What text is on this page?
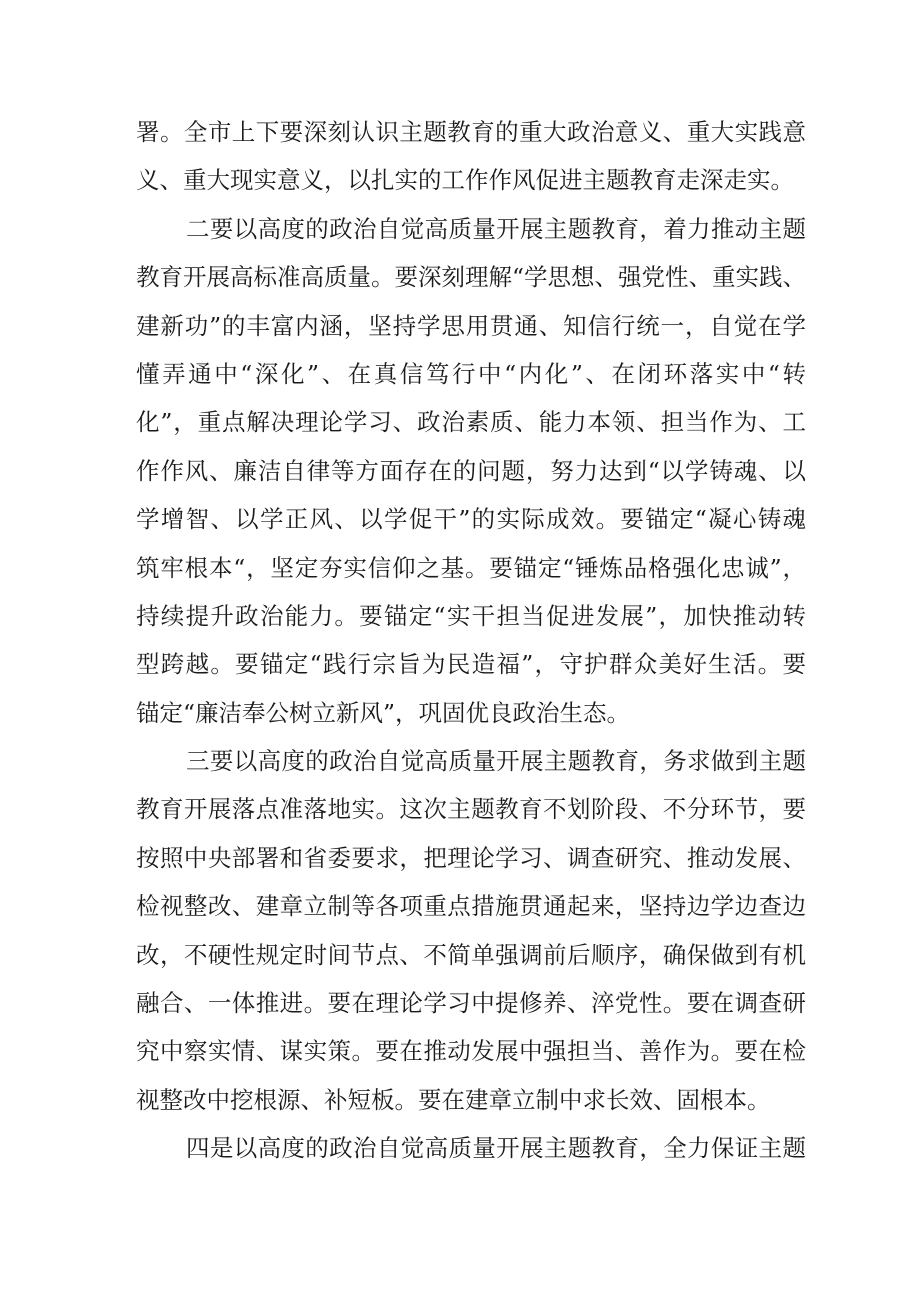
署。全市上下要深刻认识主题教育的重大政治意义、重大实践意
义、重大现实意义，以扎实的工作作风促进主题教育走深走实。
二要以高度的政治自觉高质量开展主题教育，着力推动主题
教育开展高标准高质量。要深刻理解“学思想、强党性、重实践、
建新功”的丰富内涵，坚持学思用贯通、知信行统一，自觉在学
懂弄通中“深化”、在真信笃行中“内化”、在闭环落实中“转
化”，重点解决理论学习、政治素质、能力本领、担当作为、工
作作风、廉洁自律等方面存在的问题，努力达到“以学铸魂、以
学增智、以学正风、以学促干”的实际成效。要锚定“凝心铸魂
筑牢根本“，坚定夯实信仰之基。要锚定“锤炼品格强化忠诚”，
持续提升政治能力。要锚定“实干担当促进发展”，加快推动转
型跨越。要锚定“践行宗旨为民造福”，守护群众美好生活。要
锚定“廉洁奉公树立新风”，巩固优良政治生态。
三要以高度的政治自觉高质量开展主题教育，务求做到主题
教育开展落点准落地实。这次主题教育不划阶段、不分环节，要
按照中央部署和省委要求，把理论学习、调查研究、推动发展、
检视整改、建章立制等各项重点措施贯通起来，坚持边学边查边
改，不硬性规定时间节点、不简单强调前后顺序，确保做到有机
融合、一体推进。要在理论学习中提修养、淬党性。要在调查研
究中察实情、谋实策。要在推动发展中强担当、善作为。要在检
视整改中挖根源、补短板。要在建章立制中求长效、固根本。
四是以高度的政治自觉高质量开展主题教育，全力保证主题
